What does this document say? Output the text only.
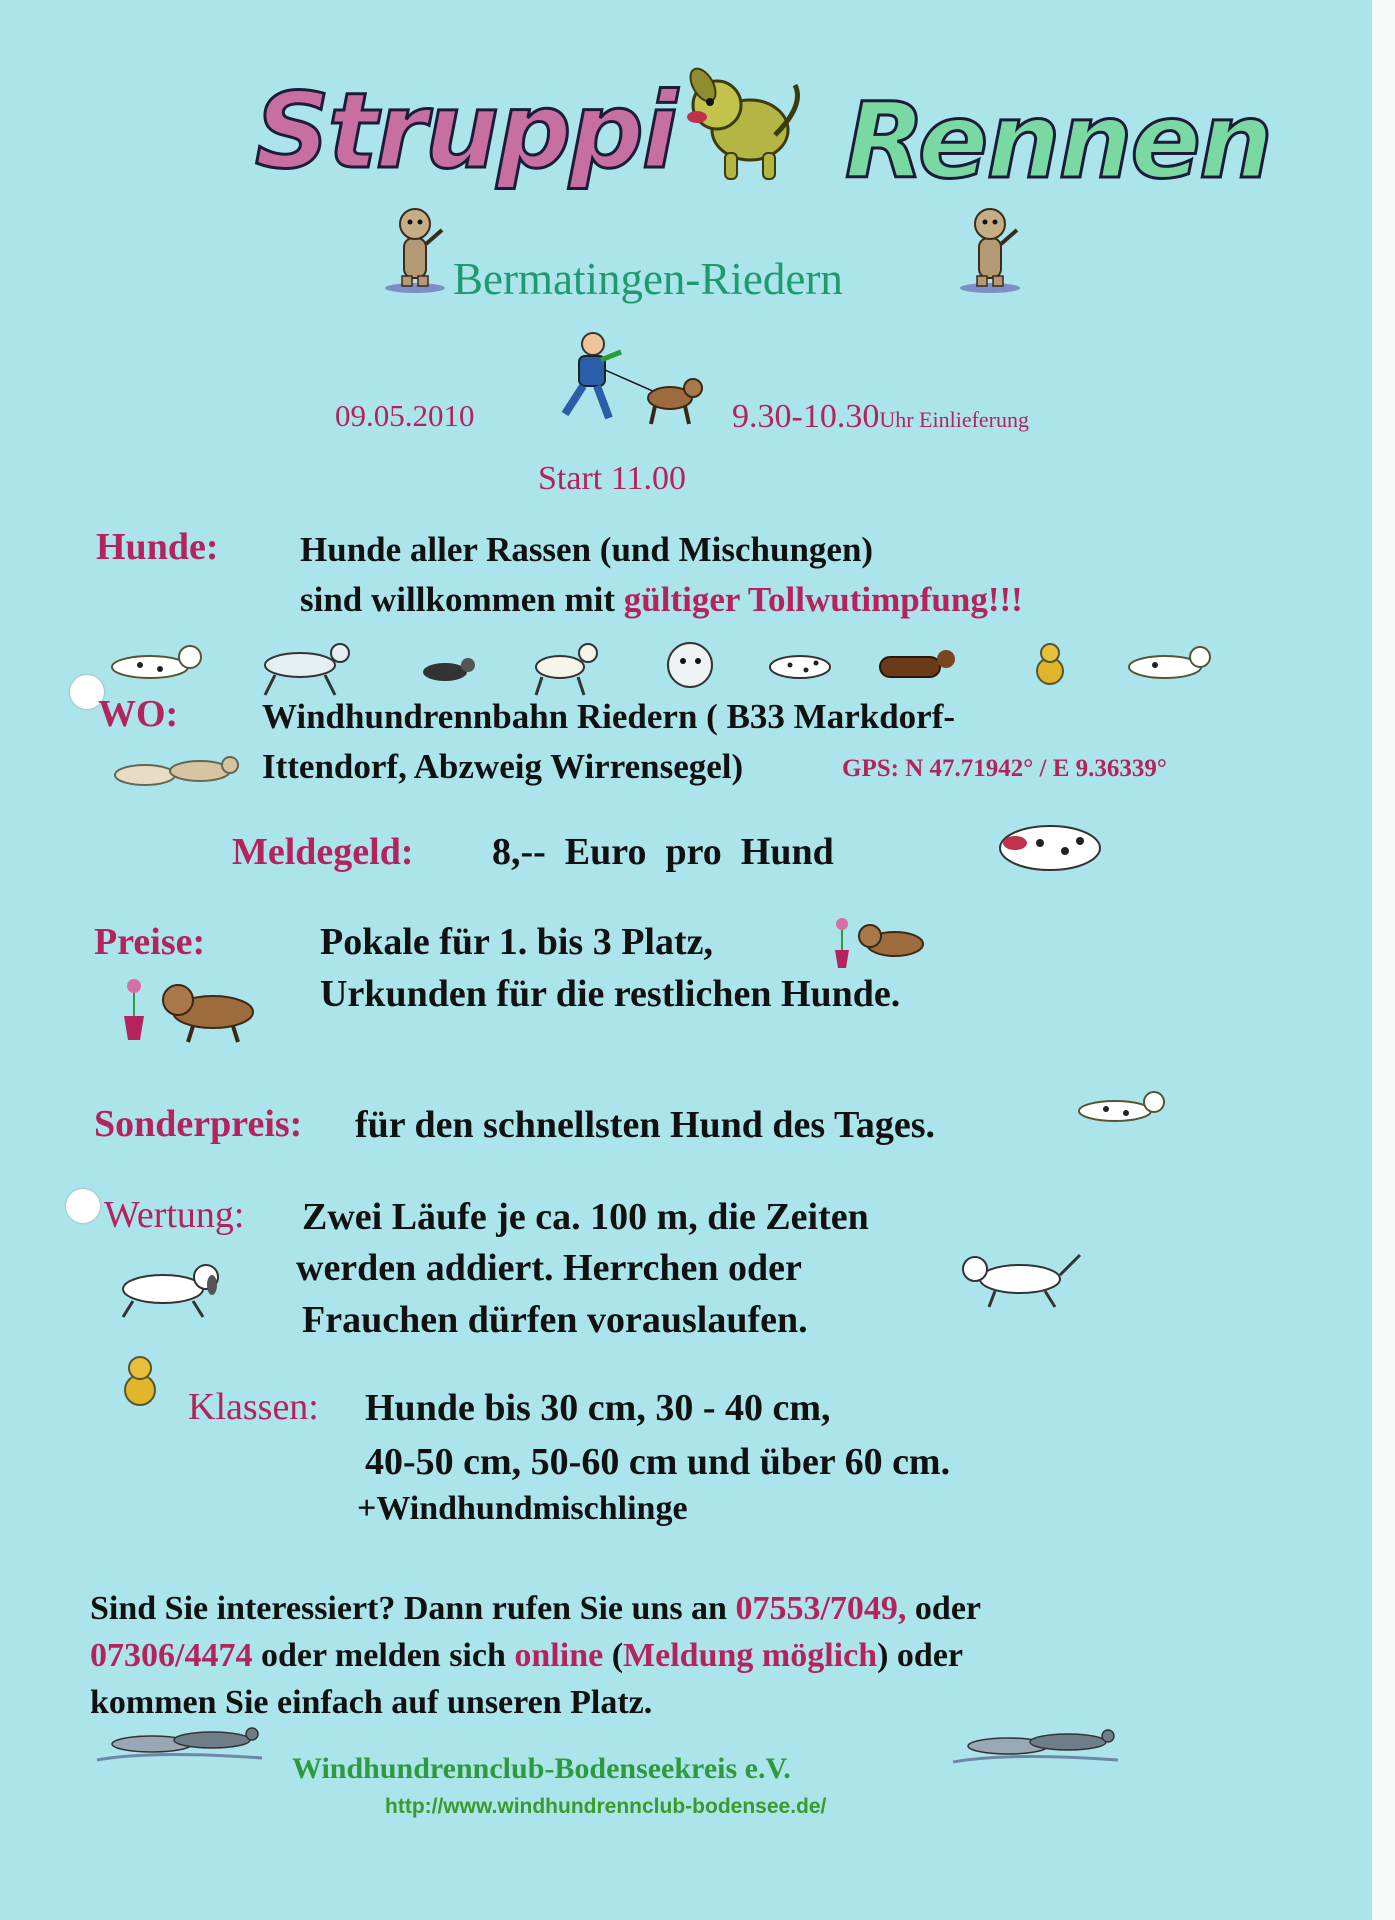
Struppi Rennen
Bermatingen-Riedern
09.05.2010	9.30-10.30Uhr Einlieferung
Start 11.00
Hunde: Hunde aller Rassen (und Mischungen)
sind willkommen mit gültiger Tollwutimpfung!!!
WO: Windhundrennbahn Riedern ( B33 Markdorf-
Ittendorf, Abzweig Wirrensegel)	GPS: N 47.71942° / E 9.36339°
Meldegeld: 8,--  Euro  pro  Hund
Preise:	Pokale für 1. bis 3 Platz,
Urkunden für die restlichen Hunde.
Sonderpreis: für den schnellsten Hund des Tages.
Wertung: Zwei Läufe je ca. 100 m, die Zeiten
werden addiert. Herrchen oder
Frauchen dürfen vorauslaufen.
Klassen: Hunde bis 30 cm, 30 - 40 cm,
40-50 cm, 50-60 cm und über 60 cm.
+Windhundmischlinge
Sind Sie interessiert? Dann rufen Sie uns an 07553/7049, oder
07306/4474 oder melden sich online (Meldung möglich) oder
kommen Sie einfach auf unseren Platz.
Windhundrennclub-Bodenseekreis e.V.
http://www.windhundrennclub-bodensee.de/
